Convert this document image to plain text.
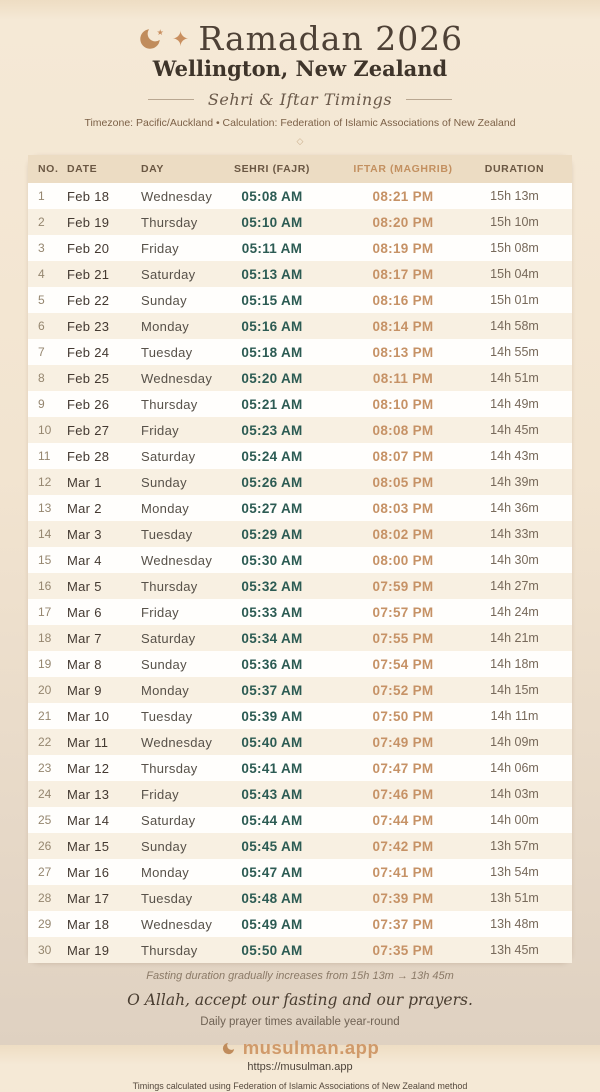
★ ✦ Ramadan 2026
Wellington, New Zealand
Sehri & Iftar Timings
Timezone: Pacific/Auckland • Calculation: Federation of Islamic Associations of New Zealand
◇
NO.	DATE	DAY	SEHRI (FAJR)	IFTAR (MAGHRIB)	DURATION
1	Feb 18	Wednesday	05:08 AM	08:21 PM	15h 13m
2	Feb 19	Thursday	05:10 AM	08:20 PM	15h 10m
3	Feb 20	Friday	05:11 AM	08:19 PM	15h 08m
4	Feb 21	Saturday	05:13 AM	08:17 PM	15h 04m
5	Feb 22	Sunday	05:15 AM	08:16 PM	15h 01m
6	Feb 23	Monday	05:16 AM	08:14 PM	14h 58m
7	Feb 24	Tuesday	05:18 AM	08:13 PM	14h 55m
8	Feb 25	Wednesday	05:20 AM	08:11 PM	14h 51m
9	Feb 26	Thursday	05:21 AM	08:10 PM	14h 49m
10	Feb 27	Friday	05:23 AM	08:08 PM	14h 45m
11	Feb 28	Saturday	05:24 AM	08:07 PM	14h 43m
12	Mar 1	Sunday	05:26 AM	08:05 PM	14h 39m
13	Mar 2	Monday	05:27 AM	08:03 PM	14h 36m
14	Mar 3	Tuesday	05:29 AM	08:02 PM	14h 33m
15	Mar 4	Wednesday	05:30 AM	08:00 PM	14h 30m
16	Mar 5	Thursday	05:32 AM	07:59 PM	14h 27m
17	Mar 6	Friday	05:33 AM	07:57 PM	14h 24m
18	Mar 7	Saturday	05:34 AM	07:55 PM	14h 21m
19	Mar 8	Sunday	05:36 AM	07:54 PM	14h 18m
20	Mar 9	Monday	05:37 AM	07:52 PM	14h 15m
21	Mar 10	Tuesday	05:39 AM	07:50 PM	14h 11m
22	Mar 11	Wednesday	05:40 AM	07:49 PM	14h 09m
23	Mar 12	Thursday	05:41 AM	07:47 PM	14h 06m
24	Mar 13	Friday	05:43 AM	07:46 PM	14h 03m
25	Mar 14	Saturday	05:44 AM	07:44 PM	14h 00m
26	Mar 15	Sunday	05:45 AM	07:42 PM	13h 57m
27	Mar 16	Monday	05:47 AM	07:41 PM	13h 54m
28	Mar 17	Tuesday	05:48 AM	07:39 PM	13h 51m
29	Mar 18	Wednesday	05:49 AM	07:37 PM	13h 48m
30	Mar 19	Thursday	05:50 AM	07:35 PM	13h 45m
Fasting duration gradually increases from 15h 13m → 13h 45m
O Allah, accept our fasting and our prayers.
Daily prayer times available year-round
musulman.app
https://musulman.app
Timings calculated using Federation of Islamic Associations of New Zealand method
